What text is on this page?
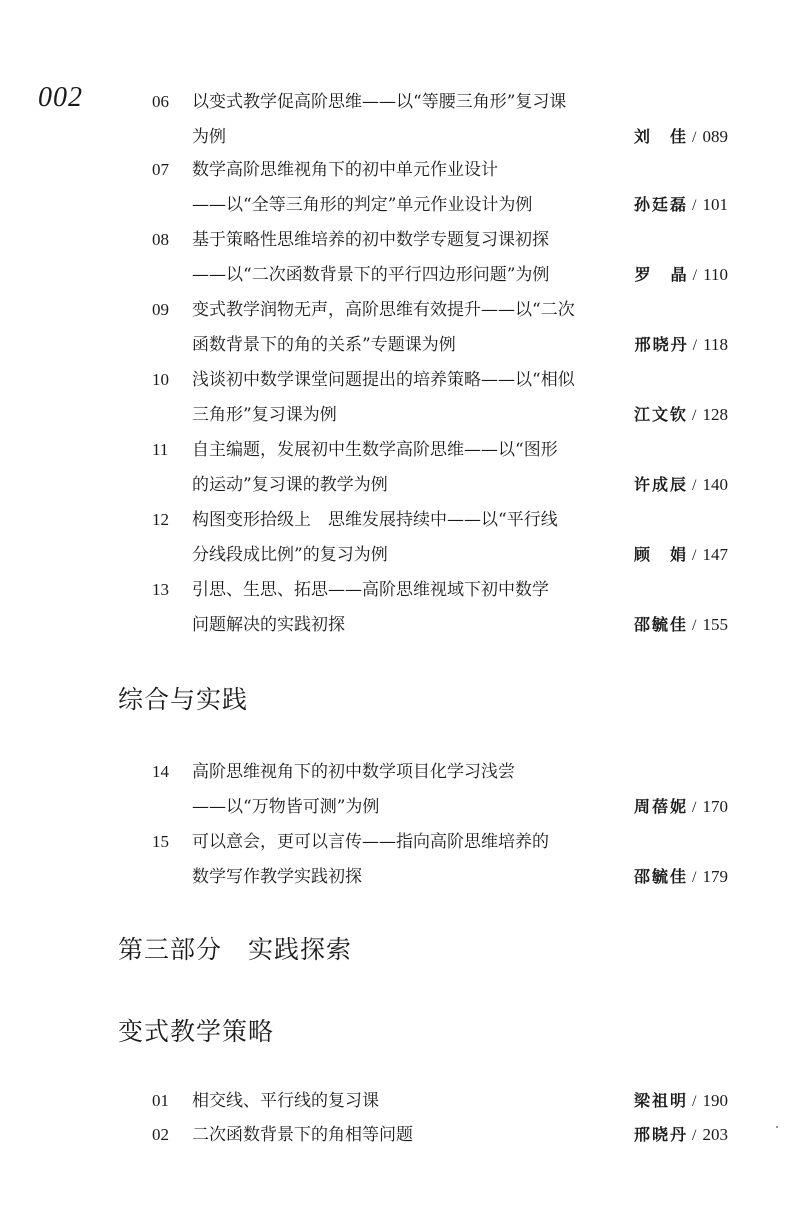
002	06 以变式教学促高阶思维——以“等腰三角形”复习课
为例	刘　佳 / 089
07 数学高阶思维视角下的初中单元作业设计
——以“全等三角形的判定”单元作业设计为例	孙廷磊 / 101
08 基于策略性思维培养的初中数学专题复习课初探
——以“二次函数背景下的平行四边形问题”为例	罗　晶 / 110
09 变式教学润物无声，高阶思维有效提升——以“二次
函数背景下的角的关系”专题课为例	邢晓丹 / 118
10 浅谈初中数学课堂问题提出的培养策略——以“相似
三角形”复习课为例	江文钦 / 128
11 自主编题，发展初中生数学高阶思维——以“图形
的运动”复习课的教学为例	许成辰 / 140
12 构图变形拾级上　思维发展持续中——以“平行线
分线段成比例”的复习为例	顾　娟 / 147
13 引思、生思、拓思——高阶思维视域下初中数学
问题解决的实践初探	邵毓佳 / 155
综合与实践
14 高阶思维视角下的初中数学项目化学习浅尝
——以“万物皆可测”为例	周蓓妮 / 170
15 可以意会，更可以言传——指向高阶思维培养的
数学写作教学实践初探	邵毓佳 / 179
第三部分　实践探索
变式教学策略
01 相交线、平行线的复习课	梁祖明 / 190
02 二次函数背景下的角相等问题	邢晓丹 / 203
